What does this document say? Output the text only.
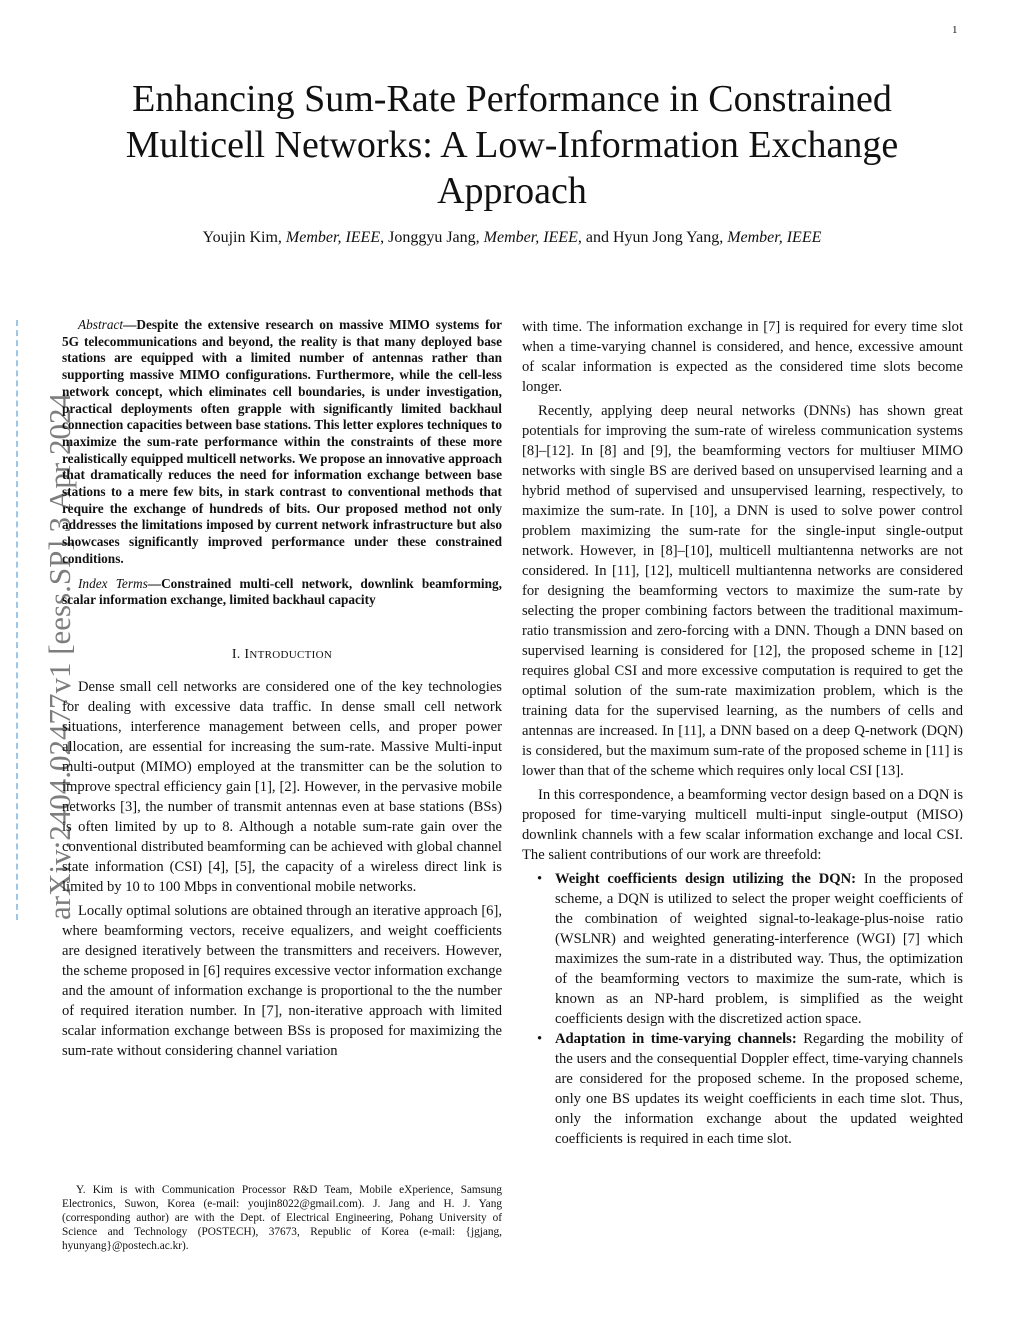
1
Enhancing Sum-Rate Performance in Constrained Multicell Networks: A Low-Information Exchange Approach
Youjin Kim, Member, IEEE, Jonggyu Jang, Member, IEEE, and Hyun Jong Yang, Member, IEEE
arXiv:2404.02477v1 [eess.SP] 3 Apr 2024
Abstract—Despite the extensive research on massive MIMO systems for 5G telecommunications and beyond, the reality is that many deployed base stations are equipped with a limited number of antennas rather than supporting massive MIMO configurations. Furthermore, while the cell-less network concept, which eliminates cell boundaries, is under investigation, practical deployments often grapple with significantly limited backhaul connection capacities between base stations. This letter explores techniques to maximize the sum-rate performance within the constraints of these more realistically equipped multicell networks. We propose an innovative approach that dramatically reduces the need for information exchange between base stations to a mere few bits, in stark contrast to conventional methods that require the exchange of hundreds of bits. Our proposed method not only addresses the limitations imposed by current network infrastructure but also showcases significantly improved performance under these constrained conditions.
Index Terms—Constrained multi-cell network, downlink beamforming, scalar information exchange, limited backhaul capacity
I. INTRODUCTION

Dense small cell networks are considered one of the key technologies for dealing with excessive data traffic. In dense small cell network situations, interference management between cells, and proper power allocation, are essential for increasing the sum-rate. Massive Multi-input multi-output (MIMO) employed at the transmitter can be the solution to improve spectral efficiency gain [1], [2]. However, in the pervasive mobile networks [3], the number of transmit antennas even at base stations (BSs) is often limited by up to 8. Although a notable sum-rate gain over the conventional distributed beamforming can be achieved with global channel state information (CSI) [4], [5], the capacity of a wireless direct link is limited by 10 to 100 Mbps in conventional mobile networks.

Locally optimal solutions are obtained through an iterative approach [6], where beamforming vectors, receive equalizers, and weight coefficients are designed iteratively between the transmitters and receivers. However, the scheme proposed in [6] requires excessive vector information exchange and the amount of information exchange is proportional to the the number of required iteration number. In [7], non-iterative approach with limited scalar information exchange between BSs is proposed for maximizing the sum-rate without considering channel variation

Y. Kim is with Communication Processor R&D Team, Mobile eXperience, Samsung Electronics, Suwon, Korea (e-mail: youjin8022@gmail.com). J. Jang and H. J. Yang (corresponding author) are with the Dept. of Electrical Engineering, Pohang University of Science and Technology (POSTECH), 37673, Republic of Korea (e-mail: {jgjang, hyunyang}@postech.ac.kr).

with time. The information exchange in [7] is required for every time slot when a time-varying channel is considered, and hence, excessive amount of scalar information is expected as the considered time slots become longer.

Recently, applying deep neural networks (DNNs) has shown great potentials for improving the sum-rate of wireless communication systems [8]–[12]. In [8] and [9], the beamforming vectors for multiuser MIMO networks with single BS are derived based on unsupervised learning and a hybrid method of supervised and unsupervised learning, respectively, to maximize the sum-rate. In [10], a DNN is used to solve power control problem maximizing the sum-rate for the single-input single-output network. However, in [8]–[10], multicell multiantenna networks are not considered. In [11], [12], multicell multiantenna networks are considered for designing the beamforming vectors to maximize the sum-rate by selecting the proper combining factors between the traditional maximum-ratio transmission and zero-forcing with a DNN. Though a DNN based on supervised learning is considered for [12], the proposed scheme in [12] requires global CSI and more excessive computation is required to get the optimal solution of the sum-rate maximization problem, which is the training data for the supervised learning, as the numbers of cells and antennas are increased. In [11], a DNN based on a deep Q-network (DQN) is considered, but the maximum sum-rate of the proposed scheme in [11] is lower than that of the scheme which requires only local CSI [13].

In this correspondence, a beamforming vector design based on a DQN is proposed for time-varying multicell multi-input single-output (MISO) downlink channels with a few scalar information exchange and local CSI. The salient contributions of our work are threefold:

• Weight coefficients design utilizing the DQN: In the proposed scheme, a DQN is utilized to select the proper weight coefficients of the combination of weighted signal-to-leakage-plus-noise ratio (WSLNR) and weighted generating-interference (WGI) [7] which maximizes the sum-rate in a distributed way. Thus, the optimization of the beamforming vectors to maximize the sum-rate, which is known as an NP-hard problem, is simplified as the weight coefficients design with the discretized action space.
• Adaptation in time-varying channels: Regarding the mobility of the users and the consequential Doppler effect, time-varying channels are considered for the proposed scheme. In the proposed scheme, only one BS updates its weight coefficients in each time slot. Thus, only the information exchange about the updated weighted coefficients is required in each time slot.
